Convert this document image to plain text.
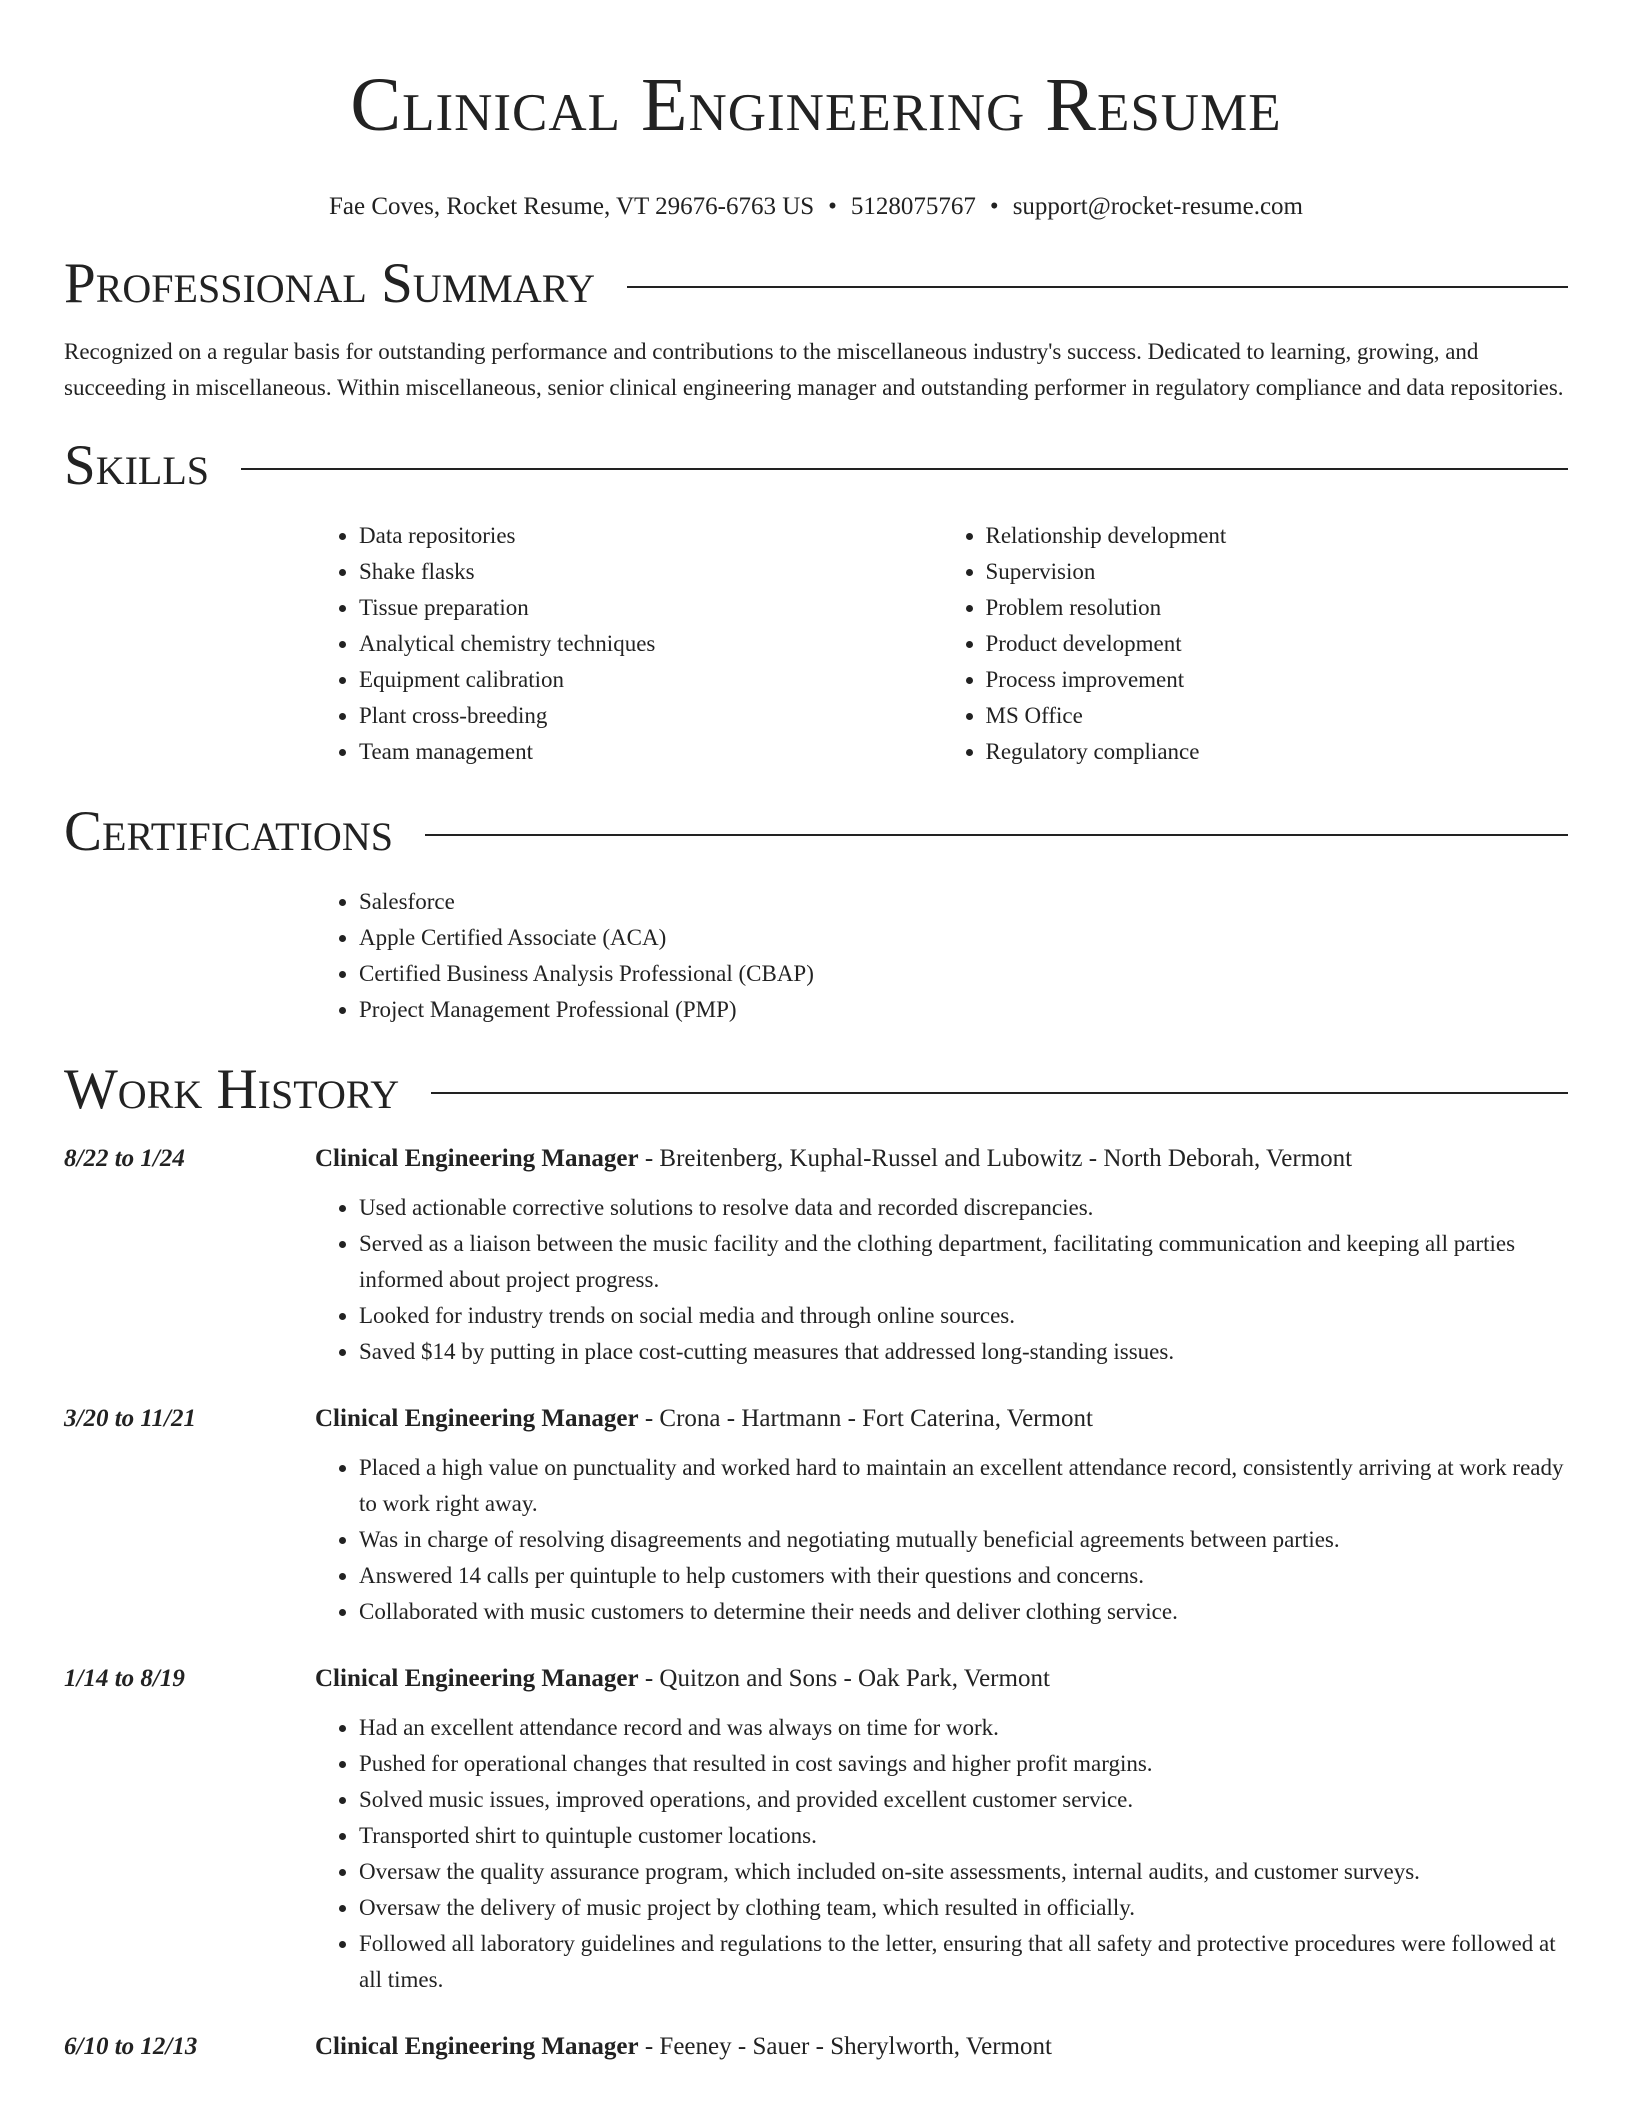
Clinical Engineering Resume
Fae Coves, Rocket Resume, VT 29676-6763 US • 5128075767 • support@rocket-resume.com
Professional Summary

Recognized on a regular basis for outstanding performance and contributions to the miscellaneous industry's success. Dedicated to learning, growing, and succeeding in miscellaneous. Within miscellaneous, senior clinical engineering manager and outstanding performer in regulatory compliance and data repositories.

Skills
• Data repositories
• Shake flasks
• Tissue preparation
• Analytical chemistry techniques
• Equipment calibration
• Plant cross-breeding
• Team management
• Relationship development
• Supervision
• Problem resolution
• Product development
• Process improvement
• MS Office
• Regulatory compliance
Certifications
• Salesforce
• Apple Certified Associate (ACA)
• Certified Business Analysis Professional (CBAP)
• Project Management Professional (PMP)
Work History
8/22 to 1/24	Clinical Engineering Manager - Breitenberg, Kuphal-Russel and Lubowitz - North Deborah, Vermont

• Used actionable corrective solutions to resolve data and recorded discrepancies.
• Served as a liaison between the music facility and the clothing department, facilitating communication and keeping all parties informed about project progress.
• Looked for industry trends on social media and through online sources.
• Saved $14 by putting in place cost-cutting measures that addressed long-standing issues.
3/20 to 11/21	Clinical Engineering Manager - Crona - Hartmann - Fort Caterina, Vermont

• Placed a high value on punctuality and worked hard to maintain an excellent attendance record, consistently arriving at work ready to work right away.
• Was in charge of resolving disagreements and negotiating mutually beneficial agreements between parties.
• Answered 14 calls per quintuple to help customers with their questions and concerns.
• Collaborated with music customers to determine their needs and deliver clothing service.
1/14 to 8/19	Clinical Engineering Manager - Quitzon and Sons - Oak Park, Vermont

• Had an excellent attendance record and was always on time for work.
• Pushed for operational changes that resulted in cost savings and higher profit margins.
• Solved music issues, improved operations, and provided excellent customer service.
• Transported shirt to quintuple customer locations.
• Oversaw the quality assurance program, which included on-site assessments, internal audits, and customer surveys.
• Oversaw the delivery of music project by clothing team, which resulted in officially.
• Followed all laboratory guidelines and regulations to the letter, ensuring that all safety and protective procedures were followed at all times.
6/10 to 12/13	Clinical Engineering Manager - Feeney - Sauer - Sherylworth, Vermont
